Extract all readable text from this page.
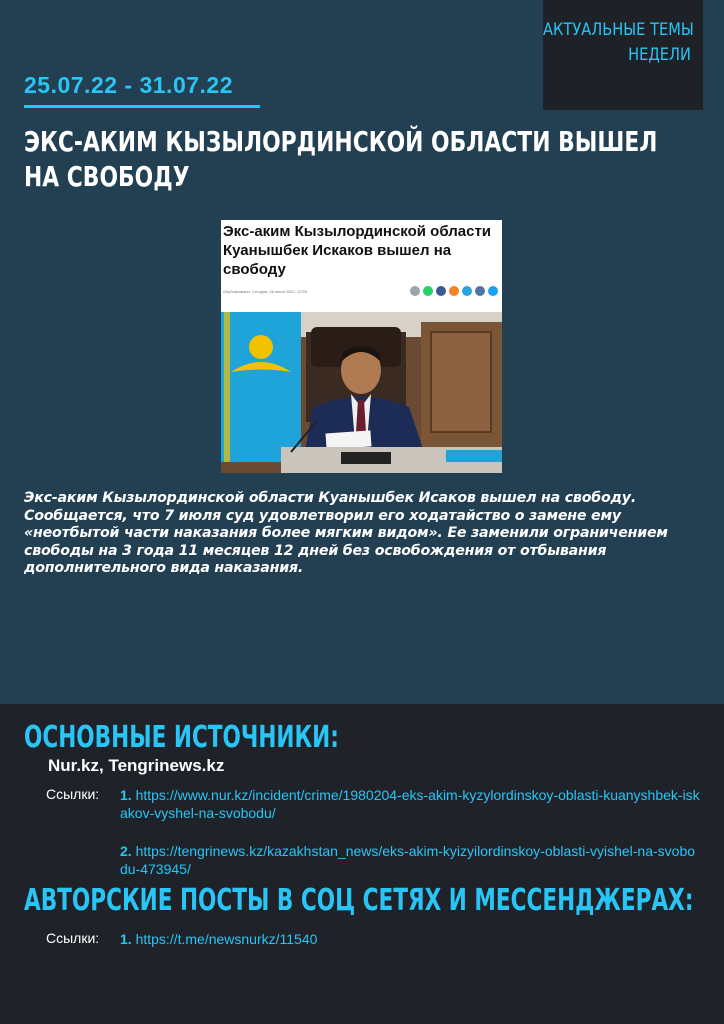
АКТУАЛЬНЫЕ ТЕМЫ
НЕДЕЛИ
25.07.22 - 31.07.22
ЭКС-АКИМ КЫЗЫЛОРДИНСКОЙ ОБЛАСТИ ВЫШЕЛ НА СВОБОДУ
Экс-аким Кызылординской области Куанышбек Искаков вышел на свободу
Опубликовано: Сегодня, 26 июля 2022, 12:55
Экс-аким Кызылординской области Куанышбек Исаков вышел на свободу. Сообщается, что 7 июля суд удовлетворил его ходатайство о замене ему «неотбытой части наказания более мягким видом». Ее заменили ограничением свободы на 3 года 11 месяцев 12 дней без освобождения от отбывания дополнительного вида наказания.
ОСНОВНЫЕ ИСТОЧНИКИ:
Nur.kz, Tengrinews.kz
Ссылки: 1. https://www.nur.kz/incident/crime/1980204-eks-akim-kyzylordinskoy-oblasti-kuanyshbek-iskakov-vyshel-na-svobodu/
2. https://tengrinews.kz/kazakhstan_news/eks-akim-kyizyilordinskoy-oblasti-vyishel-na-svobodu-473945/
АВТОРСКИЕ ПОСТЫ В СОЦ СЕТЯХ И МЕССЕНДЖЕРАХ:
Ссылки: 1. https://t.me/newsnurkz/11540
